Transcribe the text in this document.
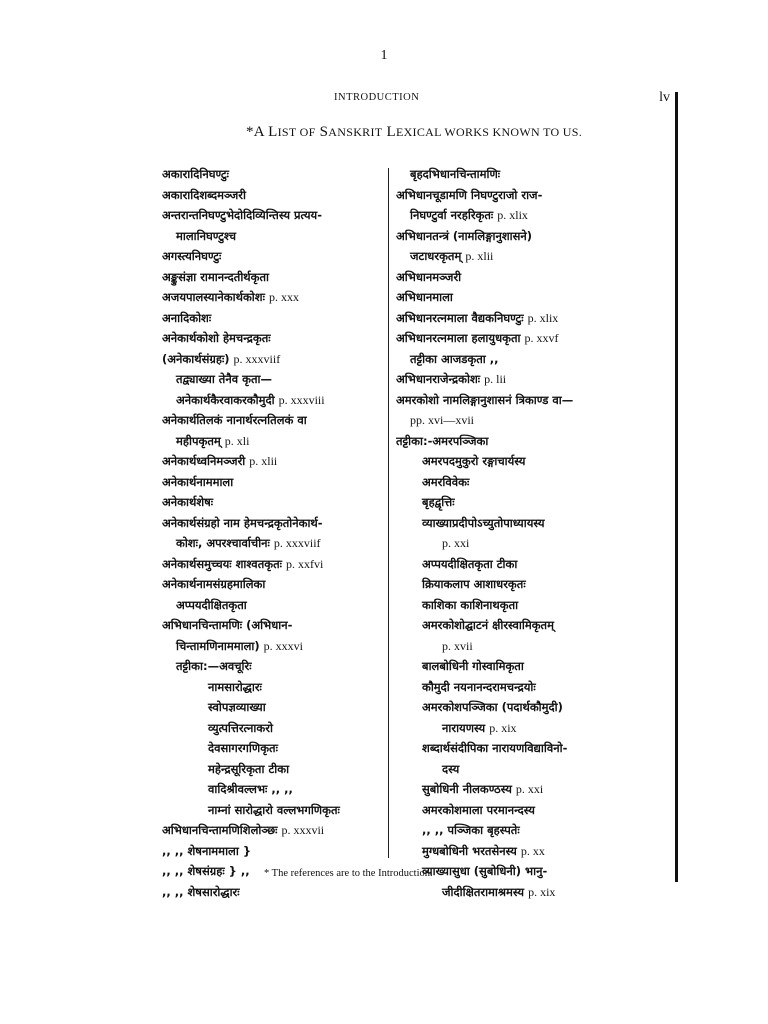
1
INTRODUCTION	lv
*A LIST OF SANSKRIT LEXICAL WORKS KNOWN TO US.
अकारादिनिघण्टुः
अकारादिशब्दमञ्जरी
अन्तरान्तनिघण्टुभेदोदिव्यिन्तिस्य प्रत्यय-
मालानिघण्टुश्च
अगस्त्यनिघण्टुः
अङ्कुसंज्ञा रामानन्दतीर्थकृता
अजयपालस्यानेकार्थकोशः p. xxx
अनादिकोशः
अनेकार्थकोशो हेमचन्द्रकृतः
(अनेकार्थसंग्रहः) p. xxxviif
तद्व्याख्या तेनैव कृता—
अनेकार्थकैरवाकरकौमुदी p. xxxviii
अनेकार्थतिलकं नानार्थरत्नतिलकं वा
महीपकृतम् p. xli
अनेकार्थध्वनिमञ्जरी p. xlii
अनेकार्थनाममाला
अनेकार्थशेषः
अनेकार्थसंग्रहो नाम हेमचन्द्रकृतोनेकार्थ-
कोशः, अपरश्चार्वाचीनः p. xxxviif
अनेकार्थसमुच्चयः शाश्वतकृतः p. xxfvi
अनेकार्थनामसंग्रहमालिका
अप्पयदीक्षितकृता
अभिधानचिन्तामणिः (अभिधान-
चिन्तामणिनाममाला) p. xxxvi
तट्टीका:—अवचूरिः
नामसारोद्धारः
स्वोपज्ञव्याख्या
व्युत्पत्तिरत्नाकरो
देवसागरगणिकृतः
महेन्द्रसूरिकृता टीका
वादिश्रीवल्लभः ,, ,,
नाम्नां सारोद्धारो वल्लभगणिकृतः
अभिधानचिन्तामणिशिलोञ्छः p. xxxvii
,, ,, शेषनाममाला }
,, ,, शेषसंग्रहः } ,,
,, ,, शेषसारोद्धारः
बृहदभिधानचिन्तामणिः
अभिधानचूडामणि निघण्टुराजो राज-
निघण्टुर्वा नरहरिकृतः p. xlix
अभिधानतन्त्रं (नामलिङ्गानुशासने)
जटाधरकृतम् p. xlii
अभिधानमञ्जरी
अभिधानमाला
अभिधानरत्नमाला वैद्यकनिघण्टुः p. xlix
अभिधानरत्नमाला हलायुधकृता p. xxvf
तट्टीका आजडकृता ,,
अभिधानराजेन्द्रकोशः p. lii
अमरकोशो नामलिङ्गानुशासनं त्रिकाण्ड वा—
pp. xvi—xvii
तट्टीका:-अमरपञ्जिका
अमरपदमुकुरो रङ्गाचार्यस्य
अमरविवेकः
बृहद्वृत्तिः
व्याख्याप्रदीपोऽच्युतोपाध्यायस्य
p. xxi
अप्पयदीक्षितकृता टीका
क्रियाकलाप आशाधरकृतः
काशिका काशिनाथकृता
अमरकोशोद्घाटनं क्षीरस्वामिकृतम्
p. xvii
बालबोधिनी गोस्वामिकृता
कौमुदी नयनानन्दरामचन्द्रयोः
अमरकोशपञ्जिका (पदार्थकौमुदी)
नारायणस्य p. xix
शब्दार्थसंदीपिका नारायणविद्याविनो-
दस्य
सुबोधिनी नीलकण्ठस्य p. xxi
अमरकोशमाला परमानन्दस्य
,, ,, पञ्जिका बृहस्पतेः
मुग्धबोधिनी भरतसेनस्य p. xx
व्याख्यासुधा (सुबोधिनी) भानु-
जीदीक्षितरामाश्रमस्य p. xix
* The references are to the Introduction.
